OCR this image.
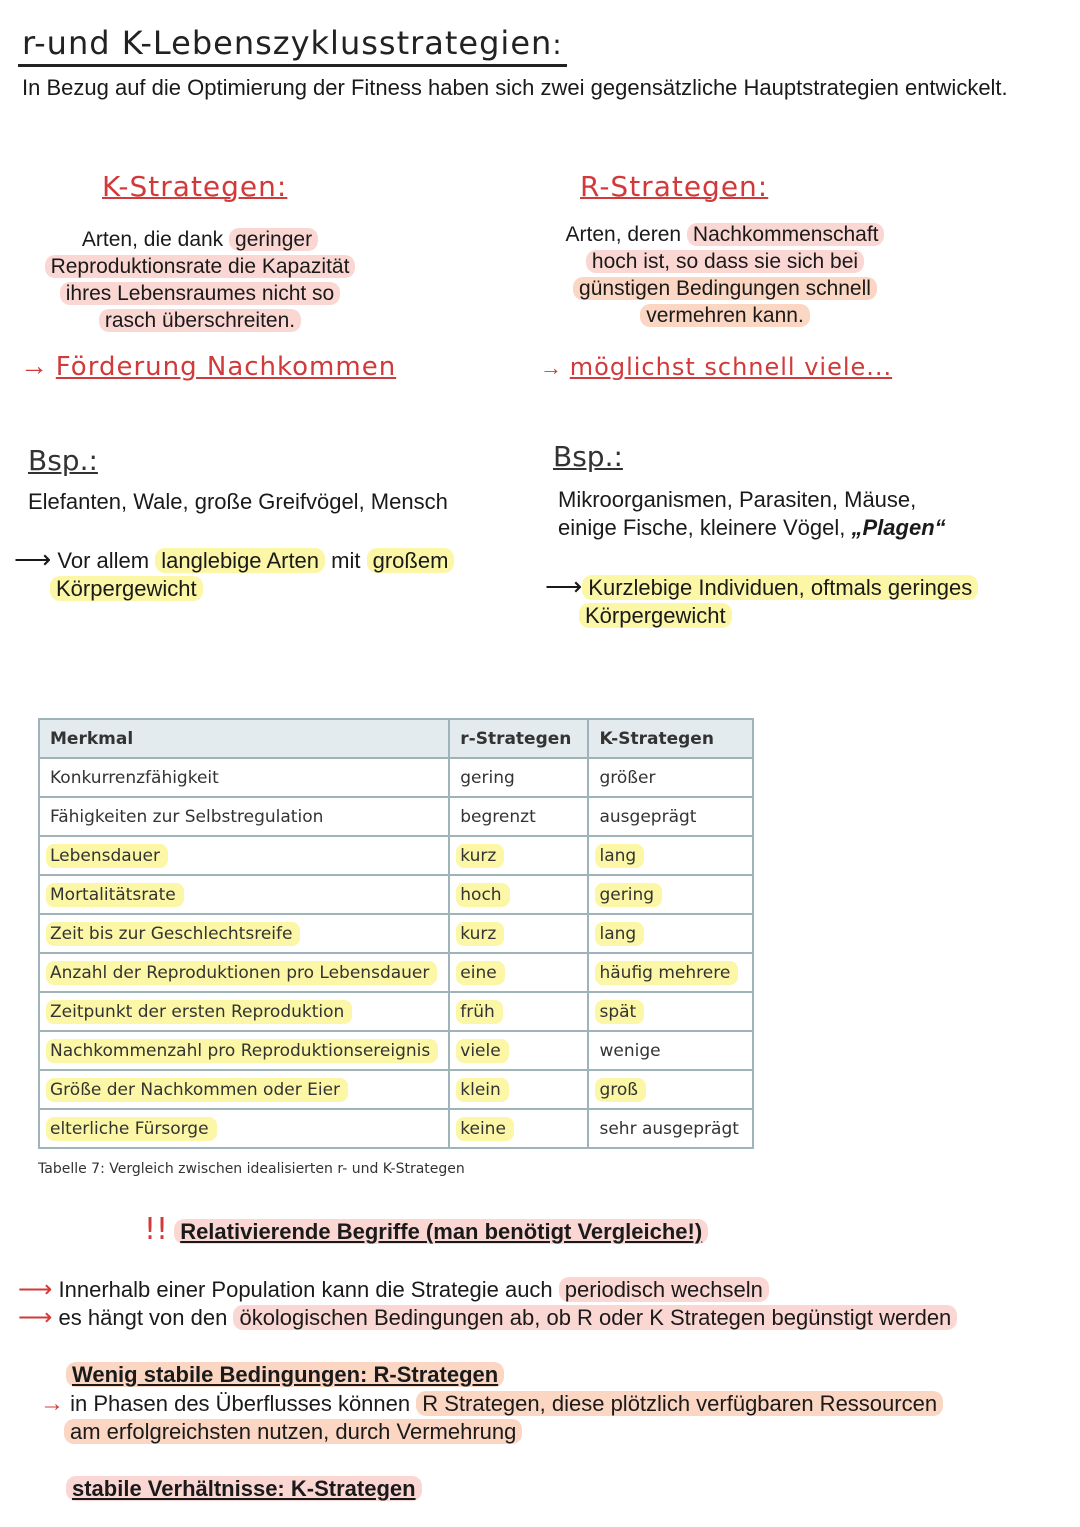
r-und K-Lebenszyklusstrategien:
In Bezug auf die Optimierung der Fitness haben sich zwei gegensätzliche Hauptstrategien entwickelt.
K-Strategen:
Arten, die dank geringer
Reproduktionsrate die Kapazität
ihres Lebensraumes nicht so
rasch überschreiten.
→ Förderung Nachkommen
R-Strategen:
Arten, deren Nachkommenschaft
hoch ist, so dass sie sich bei
günstigen Bedingungen schnell
vermehren kann.
→ möglichst schnell viele...
Bsp.:
Elefanten, Wale, große Greifvögel, Mensch
⟶ Vor allem langlebige Arten mit großem
Körpergewicht
Bsp.:
Mikroorganismen, Parasiten, Mäuse,
einige Fische, kleinere Vögel, „Plagen“
⟶ Kurzlebige Individuen, oftmals geringes
Körpergewicht
Merkmal	r-Strategen	K-Strategen
Konkurrenzfähigkeit	gering	größer
Fähigkeiten zur Selbstregulation	begrenzt	ausgeprägt
Lebensdauer	kurz	lang
Mortalitätsrate	hoch	gering
Zeit bis zur Geschlechtsreife	kurz	lang
Anzahl der Reproduktionen pro Lebensdauer	eine	häufig mehrere
Zeitpunkt der ersten Reproduktion	früh	spät
Nachkommenzahl pro Reproduktionsereignis	viele	wenige
Größe der Nachkommen oder Eier	klein	groß
elterliche Fürsorge	keine	sehr ausgeprägt
Tabelle 7: Vergleich zwischen idealisierten r- und K-Strategen
!! Relativierende Begriffe (man benötigt Vergleiche!)
⟶ Innerhalb einer Population kann die Strategie auch periodisch wechseln
⟶ es hängt von den ökologischen Bedingungen ab, ob R oder K Strategen begünstigt werden
Wenig stabile Bedingungen: R-Strategen
→ in Phasen des Überflusses können R Strategen, diese plötzlich verfügbaren Ressourcen
am erfolgreichsten nutzen, durch Vermehrung
stabile Verhältnisse: K-Strategen
